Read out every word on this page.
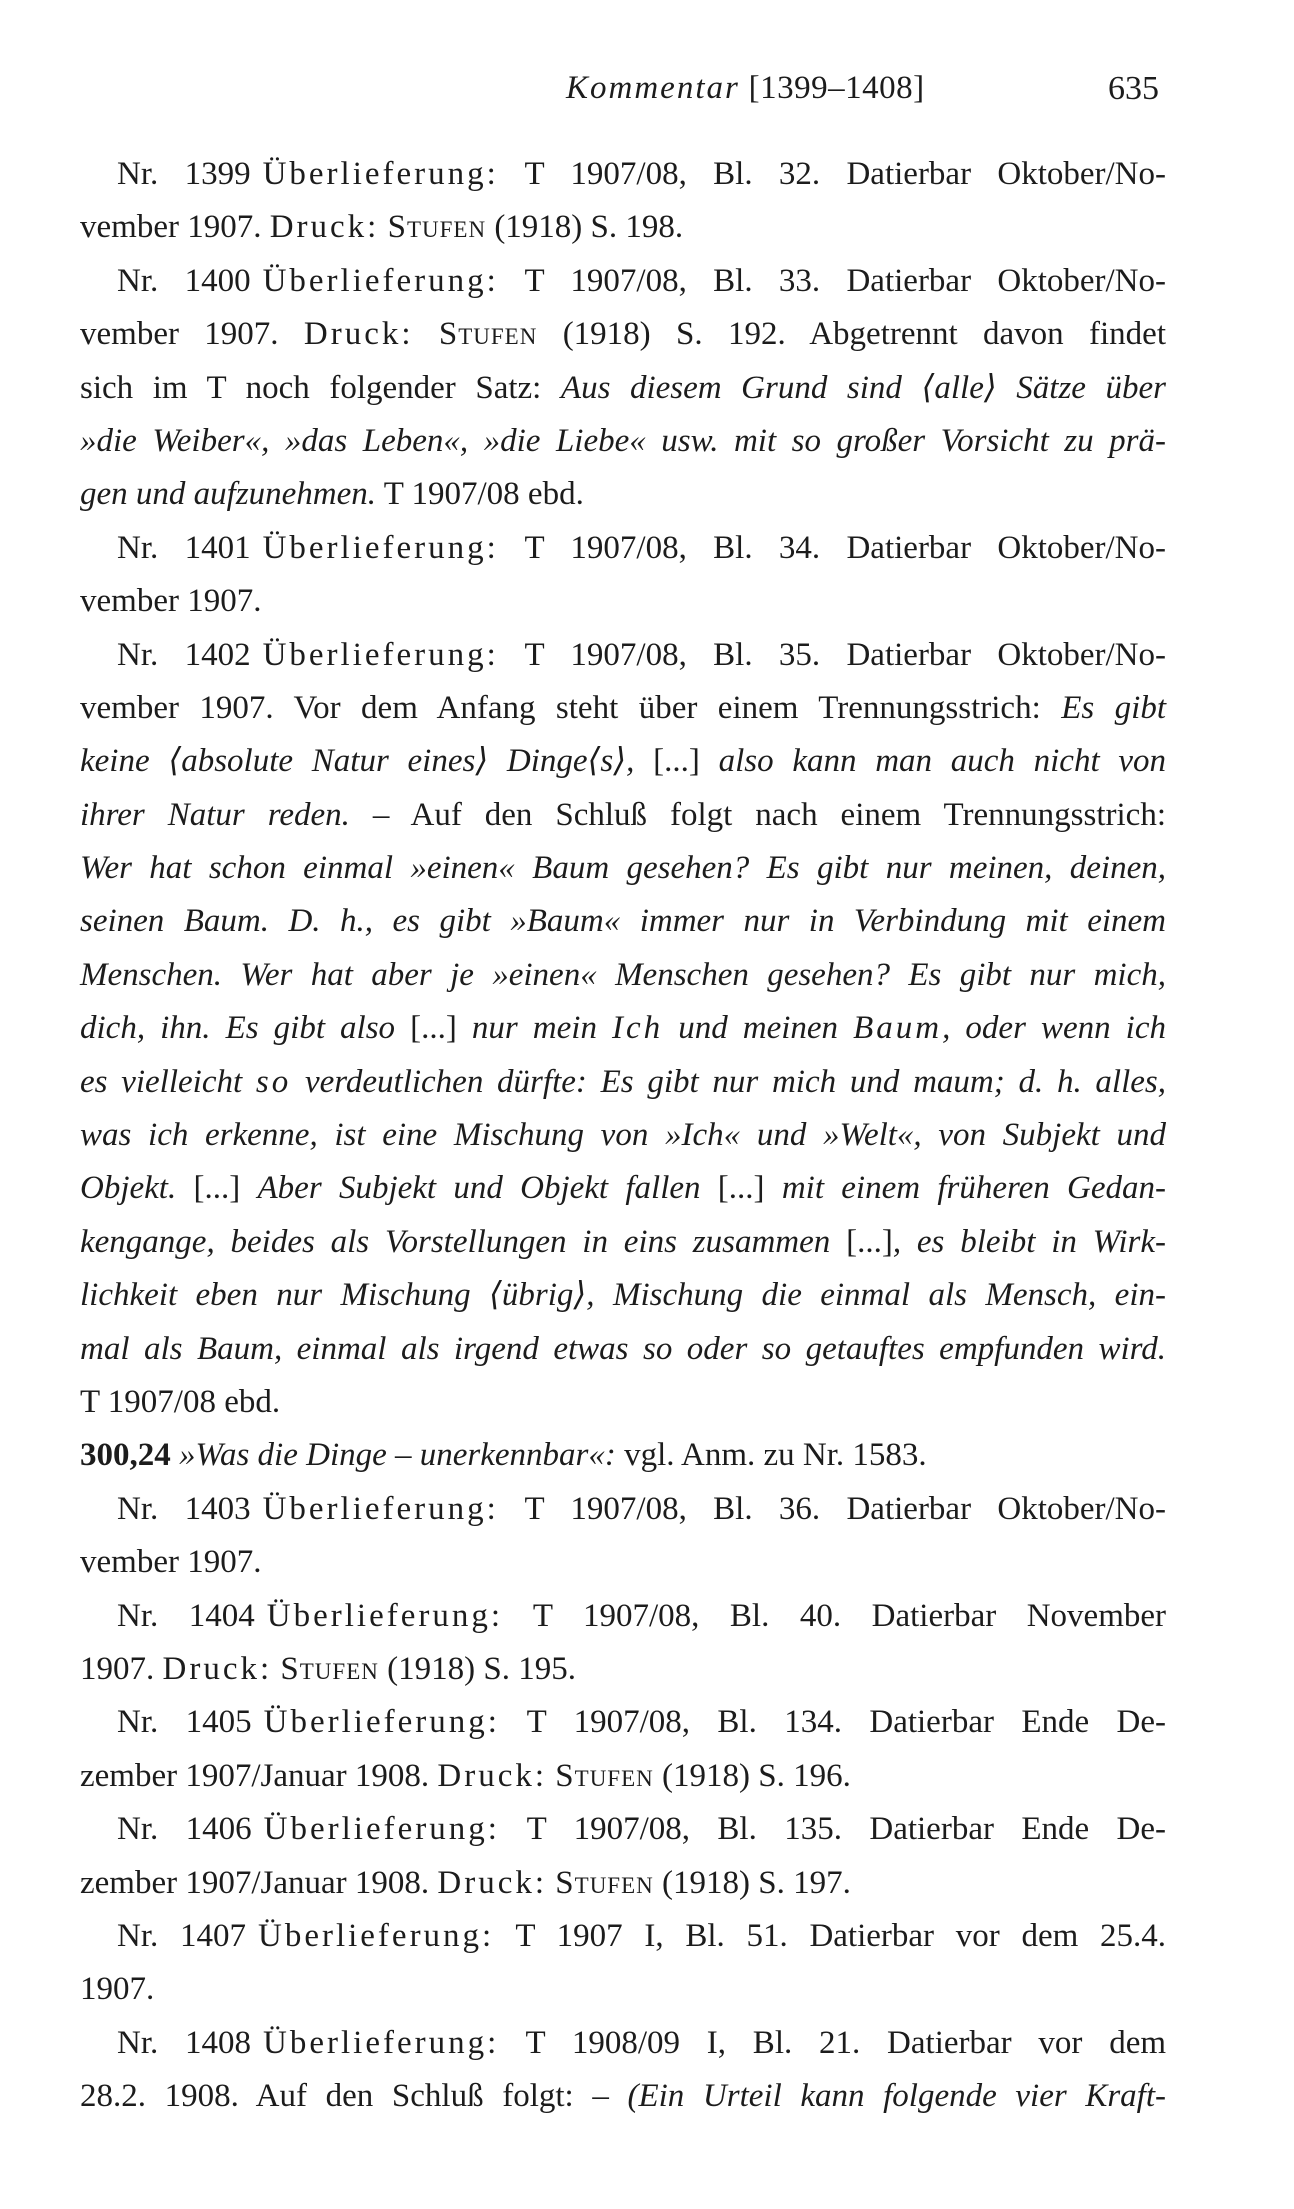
Kommentar [1399–1408]	635
Nr. 1399 Überlieferung: T 1907/08, Bl. 32. Datierbar Oktober/No-
vember 1907. Druck: Stufen (1918) S. 198.
Nr. 1400 Überlieferung: T 1907/08, Bl. 33. Datierbar Oktober/No-
vember 1907. Druck: Stufen (1918) S. 192. Abgetrennt davon findet
sich im T noch folgender Satz: Aus diesem Grund sind ⟨alle⟩ Sätze über
»die Weiber«, »das Leben«, »die Liebe« usw. mit so großer Vorsicht zu prä-
gen und aufzunehmen. T 1907/08 ebd.
Nr. 1401 Überlieferung: T 1907/08, Bl. 34. Datierbar Oktober/No-
vember 1907.
Nr. 1402 Überlieferung: T 1907/08, Bl. 35. Datierbar Oktober/No-
vember 1907. Vor dem Anfang steht über einem Trennungsstrich: Es gibt
keine ⟨absolute Natur eines⟩ Dinge⟨s⟩, [...] also kann man auch nicht von
ihrer Natur reden. – Auf den Schluß folgt nach einem Trennungsstrich:
Wer hat schon einmal »einen« Baum gesehen? Es gibt nur meinen, deinen,
seinen Baum. D. h., es gibt »Baum« immer nur in Verbindung mit einem
Menschen. Wer hat aber je »einen« Menschen gesehen? Es gibt nur mich,
dich, ihn. Es gibt also [...] nur mein Ich und meinen Baum, oder wenn ich
es vielleicht so verdeutlichen dürfte: Es gibt nur mich und maum; d. h. alles,
was ich erkenne, ist eine Mischung von »Ich« und »Welt«, von Subjekt und
Objekt. [...] Aber Subjekt und Objekt fallen [...] mit einem früheren Gedan-
kengange, beides als Vorstellungen in eins zusammen [...], es bleibt in Wirk-
lichkeit eben nur Mischung ⟨übrig⟩, Mischung die einmal als Mensch, ein-
mal als Baum, einmal als irgend etwas so oder so getauftes empfunden wird.
T 1907/08 ebd.
300,24 »Was die Dinge – unerkennbar«: vgl. Anm. zu Nr. 1583.
Nr. 1403 Überlieferung: T 1907/08, Bl. 36. Datierbar Oktober/No-
vember 1907.
Nr. 1404 Überlieferung: T 1907/08, Bl. 40. Datierbar November
1907. Druck: Stufen (1918) S. 195.
Nr. 1405 Überlieferung: T 1907/08, Bl. 134. Datierbar Ende De-
zember 1907/Januar 1908. Druck: Stufen (1918) S. 196.
Nr. 1406 Überlieferung: T 1907/08, Bl. 135. Datierbar Ende De-
zember 1907/Januar 1908. Druck: Stufen (1918) S. 197.
Nr. 1407 Überlieferung: T 1907 I, Bl. 51. Datierbar vor dem 25.4.
1907.
Nr. 1408 Überlieferung: T 1908/09 I, Bl. 21. Datierbar vor dem
28.2. 1908. Auf den Schluß folgt: – (Ein Urteil kann folgende vier Kraft-
